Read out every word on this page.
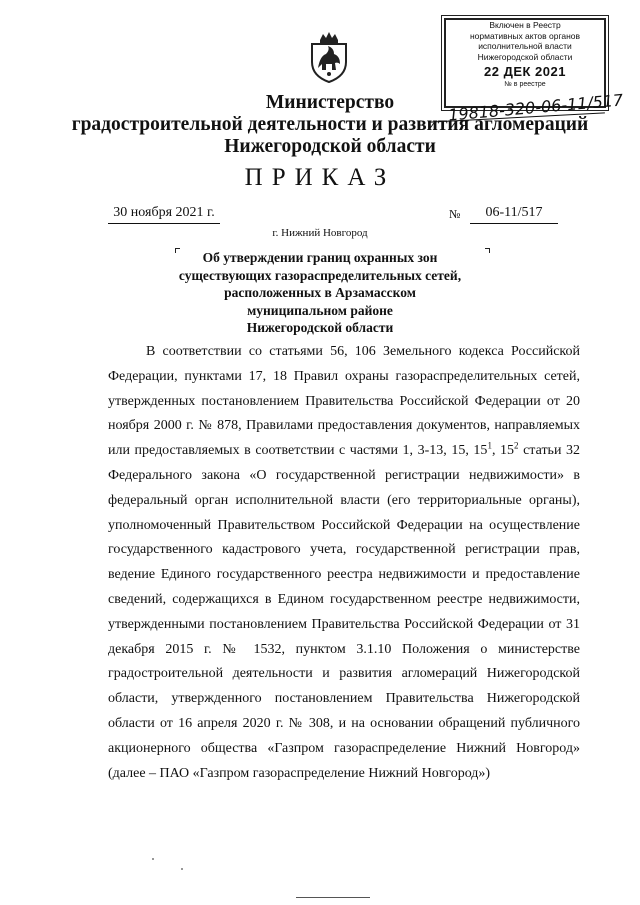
Включен в Реестр
нормативных актов органов
исполнительной власти
Нижегородской области
22 ДЕК 2021
№ в реестре
19818-320-06-11/517
Министерство
градостроительной деятельности и развития агломераций
Нижегородской области
ПРИКАЗ
30 ноября 2021 г.	№	06-11/517
г. Нижний Новгород
Об утверждении границ охранных зон
существующих газораспределительных сетей,
расположенных в Арзамасском
муниципальном районе
Нижегородской области

В соответствии со статьями 56, 106 Земельного кодекса Российской Федерации, пунктами 17, 18 Правил охраны газораспределительных сетей, утвержденных постановлением Правительства Российской Федерации от 20 ноября 2000 г. № 878, Правилами предоставления документов, направляемых или предоставляемых в соответствии с частями 1, 3-13, 15, $15^1$, $15^2$ статьи 32 Федерального закона «О государственной регистрации недвижимости» в федеральный орган исполнительной власти (его территориальные органы), уполномоченный Правительством Российской Федерации на осуществление государственного кадастрового учета, государственной регистрации прав, ведение Единого государственного реестра недвижимости и предоставление сведений, содержащихся в Едином государственном реестре недвижимости, утвержденными постановлением Правительства Российской Федерации от 31 декабря 2015 г. № 1532, пунктом 3.1.10 Положения о министерстве градостроительной деятельности и развития агломераций Нижегородской области, утвержденного постановлением Правительства Нижегородской области от 16 апреля 2020 г. № 308, и на основании обращений публичного акционерного общества «Газпром газораспределение Нижний Новгород» (далее – ПАО «Газпром газораспределение Нижний Новгород»)
